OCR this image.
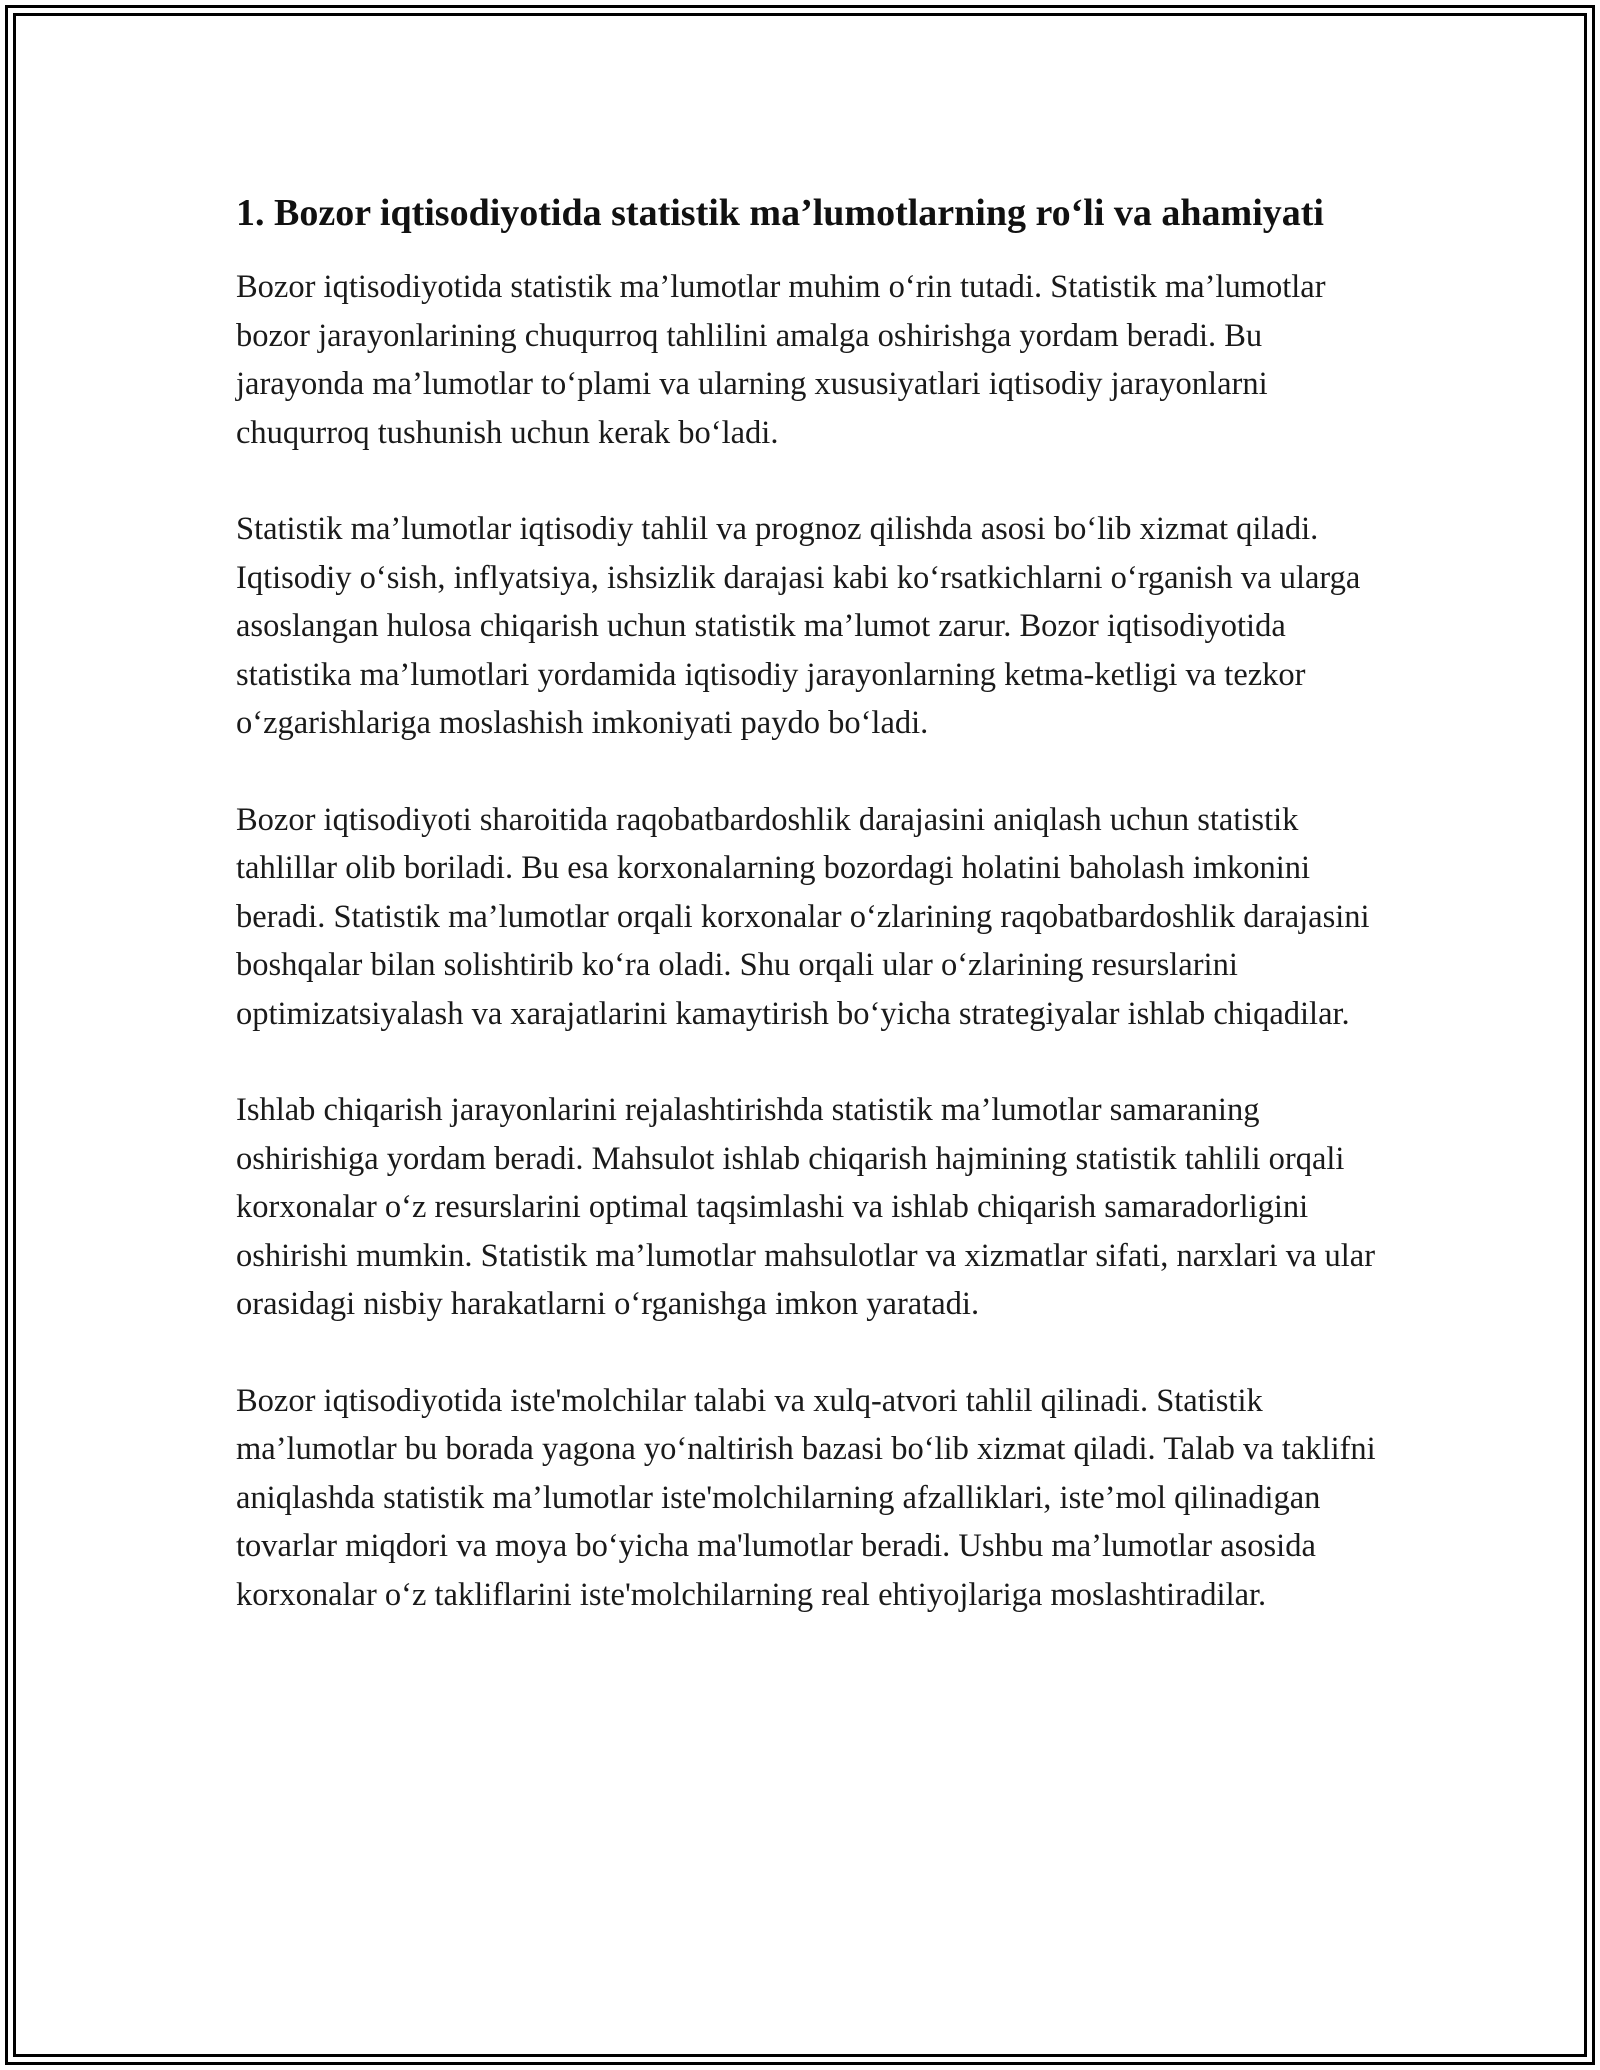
1. Bozor iqtisodiyotida statistik ma’lumotlarning ro‘li va ahamiyati

Bozor iqtisodiyotida statistik ma’lumotlar muhim o‘rin tutadi. Statistik ma’lumotlar bozor jarayonlarining chuqurroq tahlilini amalga oshirishga yordam beradi. Bu jarayonda ma’lumotlar to‘plami va ularning xususiyatlari iqtisodiy jarayonlarni chuqurroq tushunish uchun kerak bo‘ladi.

Statistik ma’lumotlar iqtisodiy tahlil va prognoz qilishda asosi bo‘lib xizmat qiladi. Iqtisodiy o‘sish, inflyatsiya, ishsizlik darajasi kabi ko‘rsatkichlarni o‘rganish va ularga asoslangan hulosa chiqarish uchun statistik ma’lumot zarur. Bozor iqtisodiyotida statistika ma’lumotlari yordamida iqtisodiy jarayonlarning ketma-ketligi va tezkor o‘zgarishlariga moslashish imkoniyati paydo bo‘ladi.

Bozor iqtisodiyoti sharoitida raqobatbardoshlik darajasini aniqlash uchun statistik tahlillar olib boriladi. Bu esa korxonalarning bozordagi holatini baholash imkonini beradi. Statistik ma’lumotlar orqali korxonalar o‘zlarining raqobatbardoshlik darajasini boshqalar bilan solishtirib ko‘ra oladi. Shu orqali ular o‘zlarining resurslarini optimizatsiyalash va xarajatlarini kamaytirish bo‘yicha strategiyalar ishlab chiqadilar.

Ishlab chiqarish jarayonlarini rejalashtirishda statistik ma’lumotlar samaraning oshirishiga yordam beradi. Mahsulot ishlab chiqarish hajmining statistik tahlili orqali korxonalar o‘z resurslarini optimal taqsimlashi va ishlab chiqarish samaradorligini oshirishi mumkin. Statistik ma’lumotlar mahsulotlar va xizmatlar sifati, narxlari va ular orasidagi nisbiy harakatlarni o‘rganishga imkon yaratadi.

Bozor iqtisodiyotida iste'molchilar talabi va xulq-atvori tahlil qilinadi. Statistik ma’lumotlar bu borada yagona yo‘naltirish bazasi bo‘lib xizmat qiladi. Talab va taklifni aniqlashda statistik ma’lumotlar iste'molchilarning afzalliklari, iste’mol qilinadigan tovarlar miqdori va moya bo‘yicha ma'lumotlar beradi. Ushbu ma’lumotlar asosida korxonalar o‘z takliflarini iste'molchilarning real ehtiyojlariga moslashtiradilar.
